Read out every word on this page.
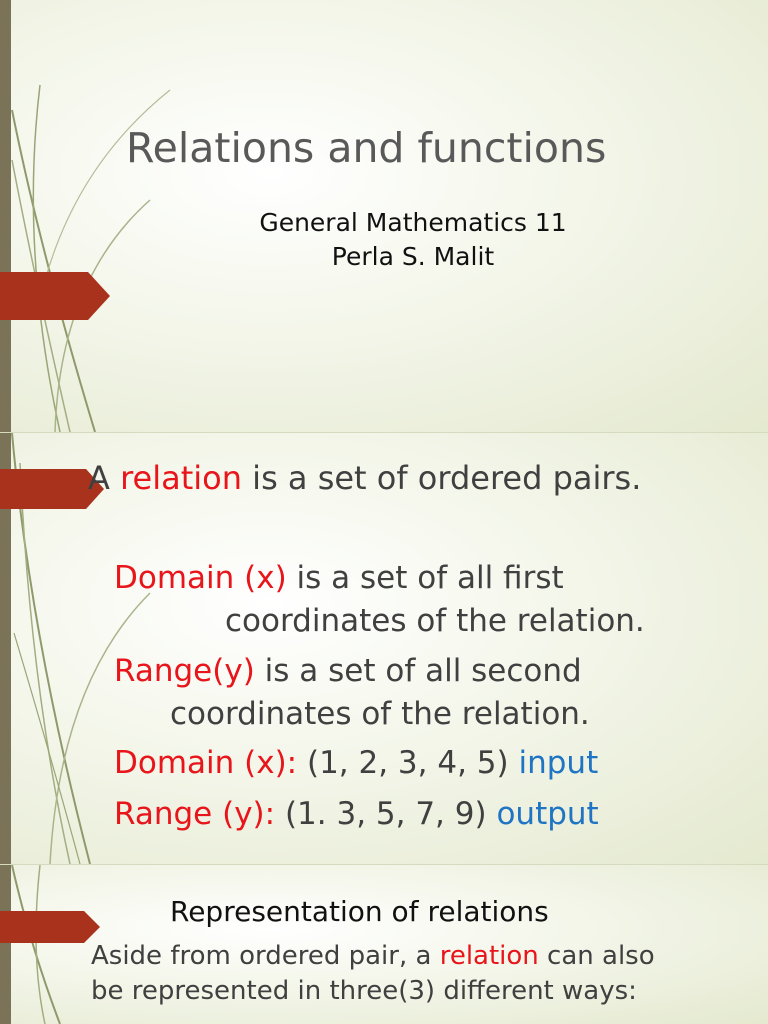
Relations and functions
General Mathematics 11
Perla S. Malit
A relation is a set of ordered pairs.
Domain (x) is a set of all first
coordinates of the relation.
Range(y) is a set of all second
coordinates of the relation.
Domain (x): (1, 2, 3, 4, 5) input
Range (y): (1. 3, 5, 7, 9) output
Representation of relations
Aside from ordered pair, a relation can also
be represented in three(3) different ways:
